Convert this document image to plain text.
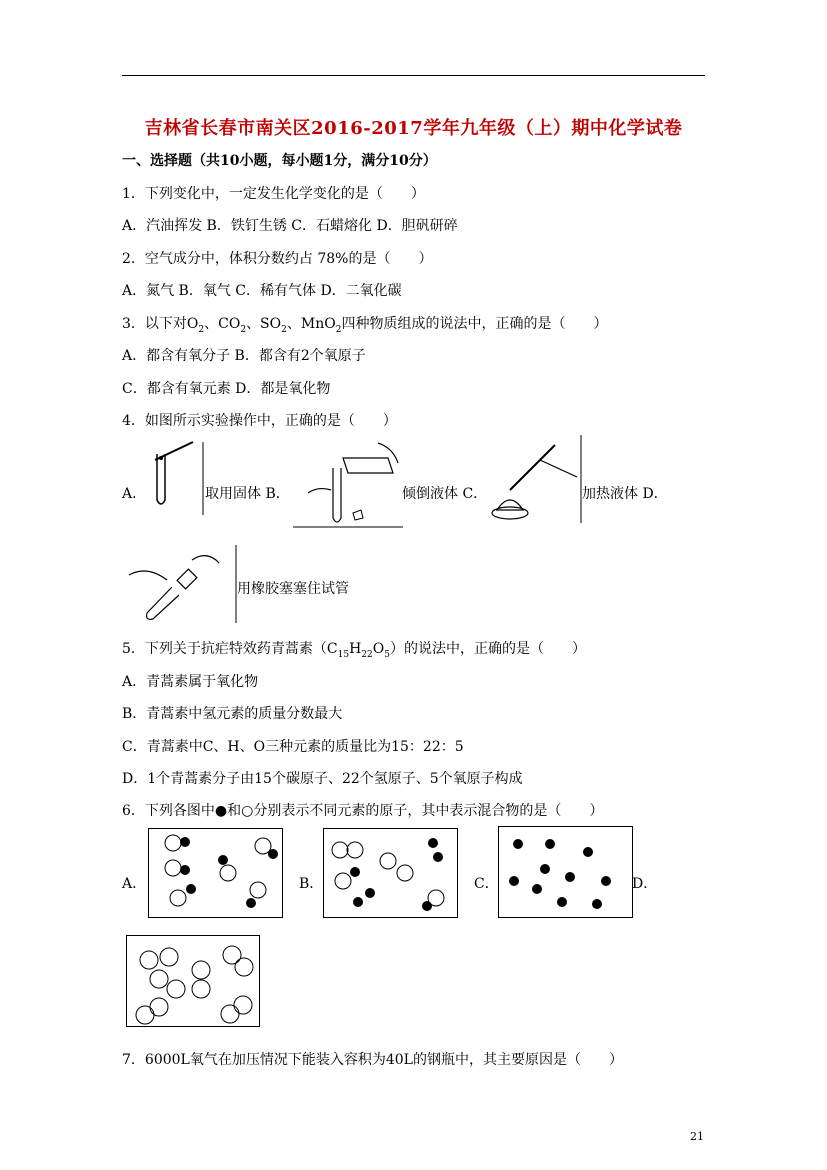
吉林省长春市南关区2016-2017学年九年级（上）期中化学试卷
一、选择题（共10小题，每小题1分，满分10分）
1．下列变化中，一定发生化学变化的是（　　）
A．汽油挥发 B．铁钉生锈 C．石蜡熔化 D．胆矾研碎
2．空气成分中，体积分数约占 78%的是（　　）
A．氮气 B．氧气 C．稀有气体 D．二氧化碳
3．以下对$O_2$、$CO_2$、$SO_2$、MnO$_2$四种物质组成的说法中，正确的是（　　）
A．都含有氧分子 B．都含有2个氧原子
C．都含有氧元素 D．都是氧化物
4．如图所示实验操作中，正确的是（　　）
A．	取用固体 B．	倾倒液体 C．	加热液体 D．
用橡胶塞塞住试管
5．下列关于抗疟特效药青蒿素$(C_{15}H_{22}O_5)$的说法中，正确的是（　　）
A．青蒿素属于氧化物
B．青蒿素中氢元素的质量分数最大
C．青蒿素中C、H、O三种元素的质量比为15：22：5
D．1个青蒿素分子由15个碳原子、22个氢原子、5个氧原子构成
6．下列各图中●和○分别表示不同元素的原子，其中表示混合物的是（　　）
A．	B．	C．	D．
7．6000L氧气在加压情况下能装入容积为40L的钢瓶中，其主要原因是（　　）
21
